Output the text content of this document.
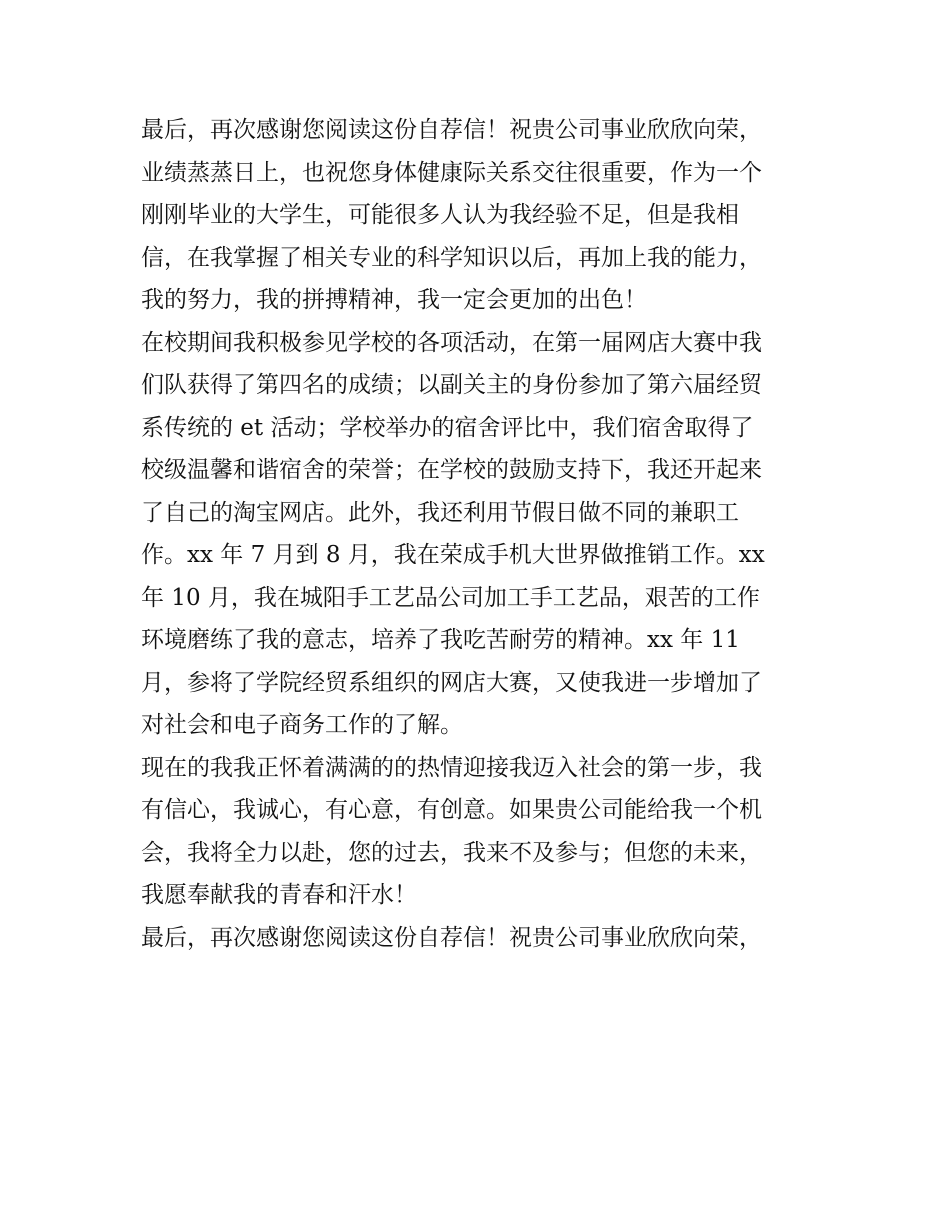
最后，再次感谢您阅读这份自荐信！祝贵公司事业欣欣向荣，
业绩蒸蒸日上，也祝您身体健康际关系交往很重要，作为一个
刚刚毕业的大学生，可能很多人认为我经验不足，但是我相
信，在我掌握了相关专业的科学知识以后，再加上我的能力，
我的努力，我的拼搏精神，我一定会更加的出色！
在校期间我积极参见学校的各项活动，在第一届网店大赛中我
们队获得了第四名的成绩；以副关主的身份参加了第六届经贸
系传统的 et 活动；学校举办的宿舍评比中，我们宿舍取得了
校级温馨和谐宿舍的荣誉；在学校的鼓励支持下，我还开起来
了自己的淘宝网店。此外，我还利用节假日做不同的兼职工
作。xx 年 7 月到 8 月，我在荣成手机大世界做推销工作。xx
年 10 月，我在城阳手工艺品公司加工手工艺品，艰苦的工作
环境磨练了我的意志，培养了我吃苦耐劳的精神。xx 年 11
月，参将了学院经贸系组织的网店大赛，又使我进一步增加了
对社会和电子商务工作的了解。
现在的我我正怀着满满的的热情迎接我迈入社会的第一步，我
有信心，我诚心，有心意，有创意。如果贵公司能给我一个机
会，我将全力以赴，您的过去，我来不及参与；但您的未来，
我愿奉献我的青春和汗水！
最后，再次感谢您阅读这份自荐信！祝贵公司事业欣欣向荣，
